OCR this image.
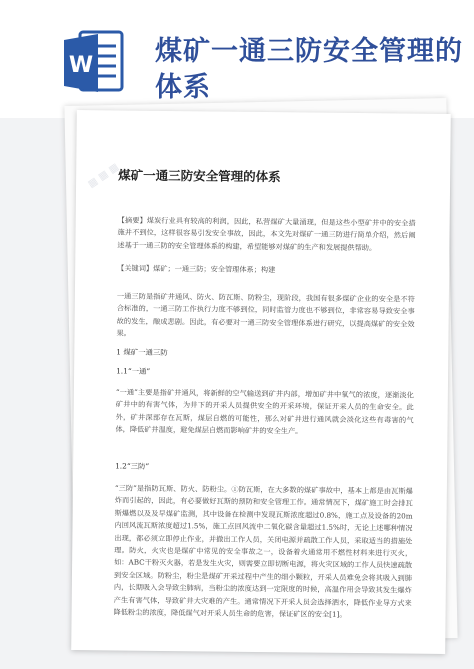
W 煤矿一通三防安全管理的体系
▦ ▦ ▦
煤矿一通三防安全管理的体系
【摘要】煤炭行业具有较高的利润，因此，私营煤矿大量涌现，但是这些小型矿井中的安全措施并不到位，这样很容易引发安全事故，因此，本文先对煤矿一通三防进行简单介绍，然后阐述基于一通三防的安全管理体系的构建，希望能够对煤矿的生产和发展提供帮助。
【关键词】煤矿；一通三防；安全管理体系；构建
一通三防是指矿井通风、防火、防瓦斯、防粉尘，现阶段，我国有很多煤矿企业的安全是不符合标准的，一通三防工作执行力度不够到位，同时监管力度也不够到位，非常容易导致安全事故的发生，酿成悲剧。因此，有必要对一通三防安全管理体系进行研究，以提高煤矿的安全效果。
1 煤矿一通三防
1.1“一通”
“一通”主要是指矿井通风，将新鲜的空气输送到矿井内部，增加矿井中氧气的浓度，逐渐淡化矿井中的有害气体，为井下的开采人员提供安全的开采环境，保证开采人员的生命安全。此外，矿井深部存在瓦斯，煤层自燃的可能性，那么对矿井进行通风就会淡化这些有毒害的气体，降低矿井温度，避免煤层自燃而影响矿井的安全生产。
1.2“三防”
“三防”是指防瓦斯、防火、防粉尘。①防瓦斯，在大多数的煤矿事故中，基本上都是由瓦斯爆炸而引起的，因此，有必要做好瓦斯的预防和安全管理工作。通常情况下，煤矿施工时会排瓦斯爆燃以及及早煤矿监测，其中设备在检测中发现瓦斯浓度超过0.8%，施工点及设备的20m内回风流瓦斯浓度超过1.5%，施工点回风流中二氧化碳含量超过1.5%时，无论上述哪种情况出现，都必须立即停止作业，并撤出工作人员，关闭电源并疏散工作人员，采取适当的措施处理。防火，火灾也是煤矿中常见的安全事故之一，设备着火通常用不燃性材料来进行灭火，如：ABC干粉灭火器，若是发生火灾，则需要立即切断电源，将火灾区域的工作人员快速疏散到安全区域。防粉尘，粉尘是煤矿开采过程中产生的细小颗粒，开采人员难免会将其吸入到肺内，长期吸入会导致尘肺病，当粉尘的浓度达到一定限度的时候，高温作用会导致其发生爆炸产生有害气体，导致矿井大灾难的产生。通常情况下开采人员会选择洒水，降低作业导方式来降低粉尘的浓度，降低煤气对开采人员生命的危害，保证矿区的安全[1]。
